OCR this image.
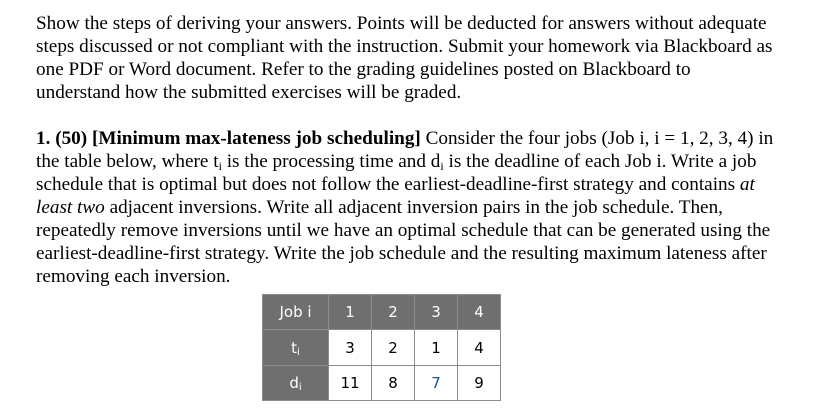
Show the steps of deriving your answers. Points will be deducted for answers without adequate
steps discussed or not compliant with the instruction. Submit your homework via Blackboard as
one PDF or Word document. Refer to the grading guidelines posted on Blackboard to
understand how the submitted exercises will be graded.

1. (50) [Minimum max-lateness job scheduling] Consider the four jobs (Job i, i = 1, 2, 3, 4) in
the table below, where $t_i$ is the processing time and $d_i$ is the deadline of each Job i. Write a job
schedule that is optimal but does not follow the earliest-deadline-first strategy and contains at
least two adjacent inversions. Write all adjacent inversion pairs in the job schedule. Then,
repeatedly remove inversions until we have an optimal schedule that can be generated using the
earliest-deadline-first strategy. Write the job schedule and the resulting maximum lateness after
removing each inversion.

Job i	1	2	3	4
$t_i$	3	2	1	4
$d_i$	11	8	7	9
